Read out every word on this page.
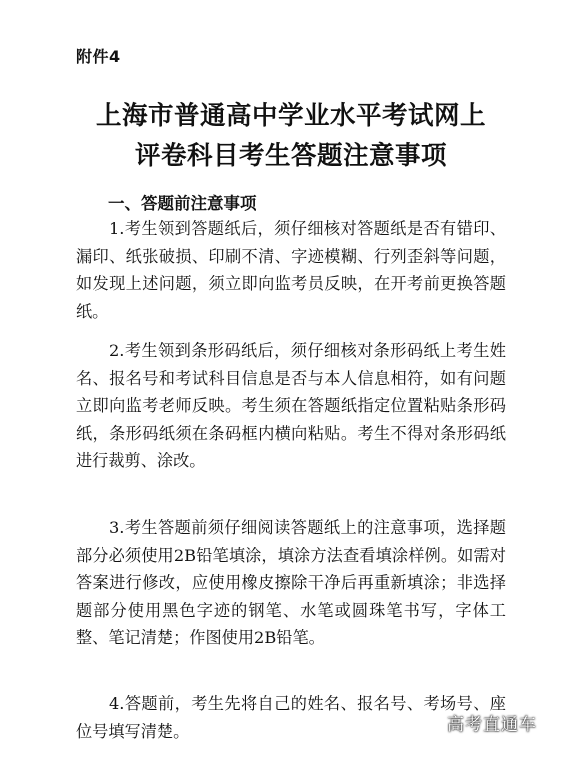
附件4
上海市普通高中学业水平考试网上
评卷科目考生答题注意事项
一、答题前注意事项
1.考生领到答题纸后，须仔细核对答题纸是否有错印、漏印、纸张破损、印刷不清、字迹模糊、行列歪斜等问题，如发现上述问题，须立即向监考员反映，在开考前更换答题纸。
2.考生领到条形码纸后，须仔细核对条形码纸上考生姓名、报名号和考试科目信息是否与本人信息相符，如有问题立即向监考老师反映。考生须在答题纸指定位置粘贴条形码纸，条形码纸须在条码框内横向粘贴。考生不得对条形码纸进行裁剪、涂改。
3.考生答题前须仔细阅读答题纸上的注意事项，选择题部分必须使用2B铅笔填涂，填涂方法查看填涂样例。如需对答案进行修改，应使用橡皮擦除干净后再重新填涂；非选择题部分使用黑色字迹的钢笔、水笔或圆珠笔书写，字体工整、笔记清楚；作图使用2B铅笔。
4.答题前，考生先将自己的姓名、报名号、考场号、座位号填写清楚。	高考直通车
